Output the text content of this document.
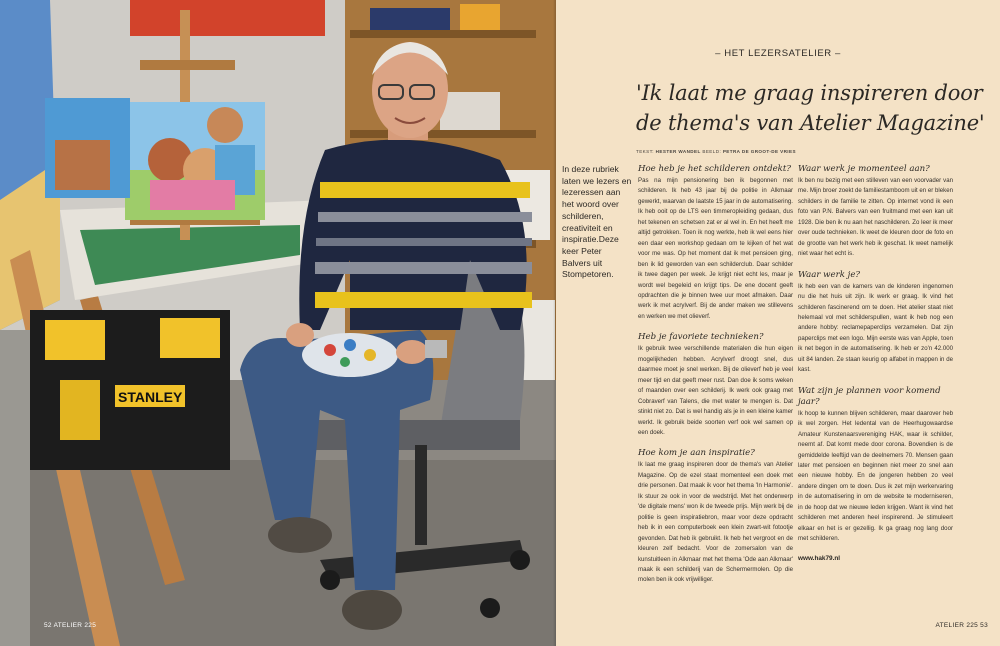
STANLEY
52 ATELIER 225
– HET LEZERSATELIER –
'Ik laat me graag inspireren door de thema's van Atelier Magazine'
TEKST: HESTER WANDEL BEELD: PETRA DE GROOT-DE VRIES
In deze rubriek laten we lezers en lezeressen aan het woord over schilderen, creativiteit en inspiratie.Deze keer Peter Balvers uit Stompetoren.
Hoe heb je het schilderen ontdekt?
Pas na mijn pensionering ben ik begonnen met schilderen. Ik heb 43 jaar bij de politie in Alkmaar gewerkt, waarvan de laatste 15 jaar in de automatisering. Ik heb ooit op de LTS een timmeropleiding gedaan, dus het tekenen en schetsen zat er al wel in. En het heeft me altijd getrokken. Toen ik nog werkte, heb ik wel eens hier een daar een workshop gedaan om te kijken of het wat voor me was. Op het moment dat ik met pensioen ging, ben ik lid geworden van een schilderclub. Daar schilder ik twee dagen per week. Je krijgt niet echt les, maar je wordt wel begeleid en krijgt tips. De ene docent geeft opdrachten die je binnen twee uur moet afmaken. Daar werk ik met acrylverf. Bij de ander maken we stillevens en werken we met olieverf.
Heb je favoriete technieken?
Ik gebruik twee verschillende materialen die hun eigen mogelijkheden hebben. Acrylverf droogt snel, dus daarmee moet je snel werken. Bij de olieverf heb je veel meer tijd en dat geeft meer rust. Dan doe ik soms weken of maanden over een schilderij. Ik werk ook graag met Cobraverf van Talens, die met water te mengen is. Dat stinkt niet zo. Dat is wel handig als je in een kleine kamer werkt. Ik gebruik beide soorten verf ook wel samen op een doek.
Hoe kom je aan inspiratie?
Ik laat me graag inspireren door de thema's van Atelier Magazine. Op de ezel staat momenteel een doek met drie personen. Dat maak ik voor het thema 'In Harmonie'. Ik stuur ze ook in voor de wedstrijd. Met het onderwerp 'de digitale mens' won ik de tweede prijs. Mijn werk bij de politie is geen inspiratiebron, maar voor deze opdracht heb ik in een computerboek een klein zwart-wit fotootje gevonden. Dat heb ik gebruikt. Ik heb het vergroot en de kleuren zelf bedacht. Voor de zomersalon van de kunstuitleen in Alkmaar met het thema 'Ode aan Alkmaar' maak ik een schilderij van de Schermermolen. Op die molen ben ik ook vrijwilliger.
Waar werk je momenteel aan?
Ik ben nu bezig met een stilleven van een voorvader van me. Mijn broer zoekt de familiestamboom uit en er bleken schilders in de familie te zitten. Op internet vond ik een foto van P.N. Balvers van een fruitmand met een kan uit 1928. Die ben ik nu aan het naschilderen. Zo leer ik meer over oude technieken. Ik weet de kleuren door de foto en de grootte van het werk heb ik geschat. Ik weet namelijk niet waar het echt is.
Waar werk je?
Ik heb een van de kamers van de kinderen ingenomen nu die het huis uit zijn. Ik werk er graag. Ik vind het schilderen fascinerend om te doen. Het atelier staat niet helemaal vol met schilderspullen, want ik heb nog een andere hobby: reclamepaperclips verzamelen. Dat zijn paperclips met een logo. Mijn eerste was van Apple, toen ik net begon in de automatisering. Ik heb er zo'n 42.000 uit 84 landen. Ze staan keurig op alfabet in mappen in de kast.
Wat zijn je plannen voor komend jaar?
Ik hoop te kunnen blijven schilderen, maar daarover heb ik wel zorgen. Het ledental van de Heerhugowaardse Amateur Kunstenaarsvereniging HAK, waar ik schilder, neemt af. Dat komt mede door corona. Bovendien is de gemiddelde leeftijd van de deelnemers 70. Mensen gaan later met pensioen en beginnen niet meer zo snel aan een nieuwe hobby. En de jongeren hebben zo veel andere dingen om te doen. Dus ik zet mijn werkervaring in de automatisering in om de website te moderniseren, in de hoop dat we nieuwe leden krijgen. Want ik vind het schilderen met anderen heel inspirerend. Je stimuleert elkaar en het is er gezellig. Ik ga graag nog lang door met schilderen.
www.hak79.nl
ATELIER 225 53
